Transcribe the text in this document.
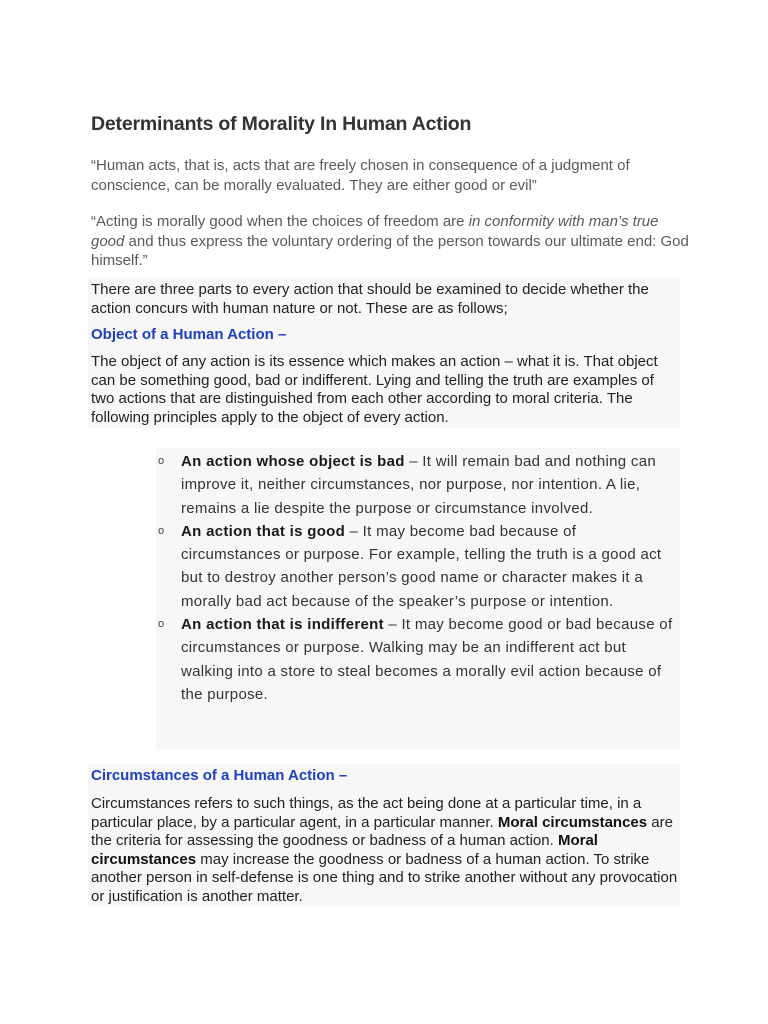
Determinants of Morality In Human Action

“Human acts, that is, acts that are freely chosen in consequence of a judgment of conscience, can be morally evaluated. They are either good or evil”

“Acting is morally good when the choices of freedom are in conformity with man’s true good and thus express the voluntary ordering of the person towards our ultimate end: God himself.”

There are three parts to every action that should be examined to decide whether the action concurs with human nature or not. These are as follows;

Object of a Human Action –

The object of any action is its essence which makes an action – what it is. That object can be something good, bad or indifferent. Lying and telling the truth are examples of two actions that are distinguished from each other according to moral criteria. The following principles apply to the object of every action.

o An action whose object is bad – It will remain bad and nothing can improve it, neither circumstances, nor purpose, nor intention. A lie, remains a lie despite the purpose or circumstance involved.
o An action that is good – It may become bad because of circumstances or purpose. For example, telling the truth is a good act but to destroy another person’s good name or character makes it a morally bad act because of the speaker’s purpose or intention.
o An action that is indifferent – It may become good or bad because of circumstances or purpose. Walking may be an indifferent act but walking into a store to steal becomes a morally evil action because of the purpose.
Circumstances of a Human Action –

Circumstances refers to such things, as the act being done at a particular time, in a particular place, by a particular agent, in a particular manner. Moral circumstances are the criteria for assessing the goodness or badness of a human action. Moral circumstances may increase the goodness or badness of a human action. To strike another person in self-defense is one thing and to strike another without any provocation or justification is another matter.
